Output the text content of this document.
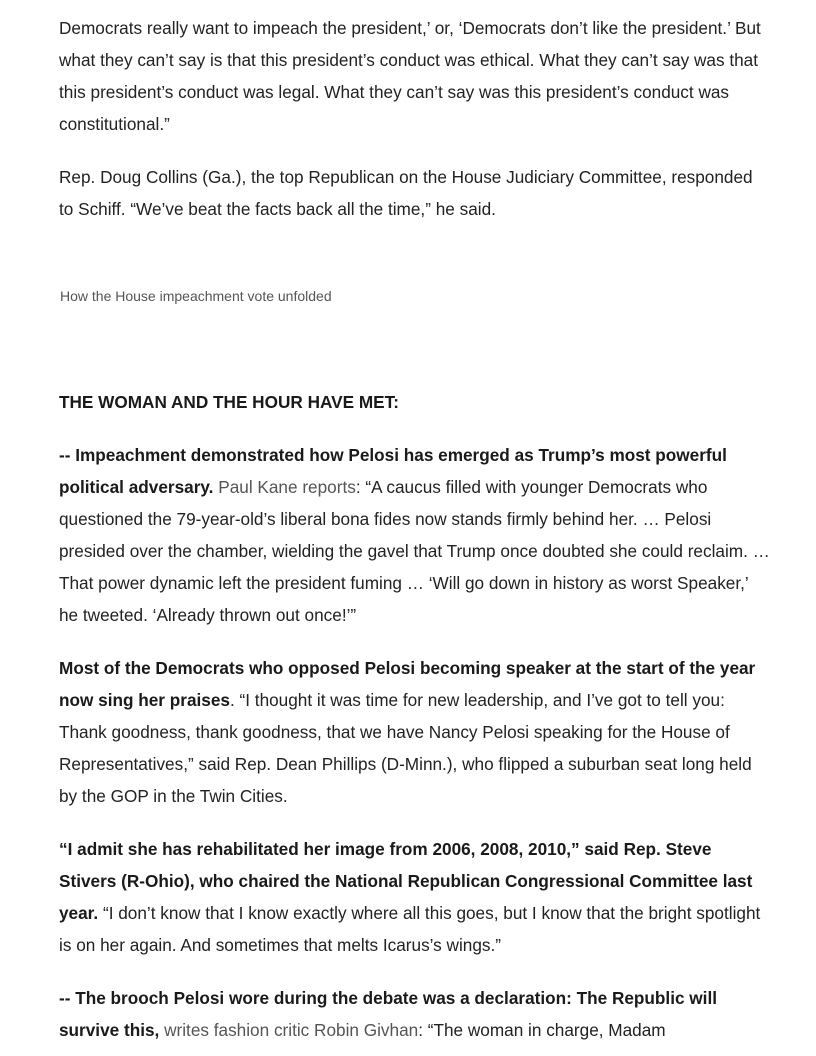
Democrats really want to impeach the president,’ or, ‘Democrats don’t like the president.’ But what they can’t say is that this president’s conduct was ethical. What they can’t say was that this president’s conduct was legal. What they can’t say was this president’s conduct was constitutional.”

Rep. Doug Collins (Ga.), the top Republican on the House Judiciary Committee, responded to Schiff. “We’ve beat the facts back all the time,” he said.

How the House impeachment vote unfolded

THE WOMAN AND THE HOUR HAVE MET:

-- Impeachment demonstrated how Pelosi has emerged as Trump’s most powerful political adversary. Paul Kane reports: “A caucus filled with younger Democrats who questioned the 79-year-old’s liberal bona fides now stands firmly behind her. … Pelosi presided over the chamber, wielding the gavel that Trump once doubted she could reclaim. … That power dynamic left the president fuming … ‘Will go down in history as worst Speaker,’ he tweeted. ‘Already thrown out once!’”

Most of the Democrats who opposed Pelosi becoming speaker at the start of the year now sing her praises. “I thought it was time for new leadership, and I’ve got to tell you: Thank goodness, thank goodness, that we have Nancy Pelosi speaking for the House of Representatives,” said Rep. Dean Phillips (D-Minn.), who flipped a suburban seat long held by the GOP in the Twin Cities.

“I admit she has rehabilitated her image from 2006, 2008, 2010,” said Rep. Steve Stivers (R-Ohio), who chaired the National Republican Congressional Committee last year. “I don’t know that I know exactly where all this goes, but I know that the bright spotlight is on her again. And sometimes that melts Icarus’s wings.”

-- The brooch Pelosi wore during the debate was a declaration: The Republic will survive this, writes fashion critic Robin Givhan: “The woman in charge, Madam
